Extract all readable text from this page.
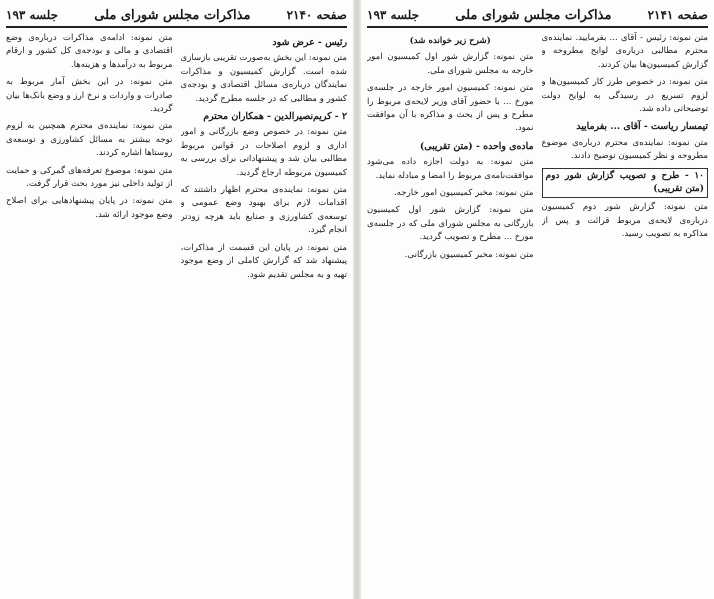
صفحه ۲۱۴۰
مذاکرات مجلس شورای ملی
جلسه ۱۹۳
رئیس - عرض شود

متن نمونه: این بخش به‌صورت تقریبی بازسازی شده است. گزارش کمیسیون و مذاکرات نمایندگان درباره‌ی مسائل اقتصادی و بودجه‌ی کشور و مطالبی که در جلسه مطرح گردید.

۲ - کریم‌نصیرالدین - همکاران محترم

متن نمونه: در خصوص وضع بازرگانی و امور اداری و لزوم اصلاحات در قوانین مربوط مطالبی بیان شد و پیشنهاداتی برای بررسی به کمیسیون مربوطه ارجاع گردید.

متن نمونه: نماینده‌ی محترم اظهار داشتند که اقدامات لازم برای بهبود وضع عمومی و توسعه‌ی کشاورزی و صنایع باید هرچه زودتر انجام گیرد.

متن نمونه: در پایان این قسمت از مذاکرات، پیشنهاد شد که گزارش کاملی از وضع موجود تهیه و به مجلس تقدیم شود.

متن نمونه: ادامه‌ی مذاکرات درباره‌ی وضع اقتصادی و مالی و بودجه‌ی کل کشور و ارقام مربوط به درآمدها و هزینه‌ها.

متن نمونه: در این بخش آمار مربوط به صادرات و واردات و نرخ ارز و وضع بانک‌ها بیان گردید.

متن نمونه: نماینده‌ی محترم همچنین به لزوم توجه بیشتر به مسائل کشاورزی و توسعه‌ی روستاها اشاره کردند.

متن نمونه: موضوع تعرفه‌های گمرکی و حمایت از تولید داخلی نیز مورد بحث قرار گرفت.

متن نمونه: در پایان پیشنهادهایی برای اصلاح وضع موجود ارائه شد.

صفحه ۲۱۴۱
مذاکرات مجلس شورای ملی
جلسه ۱۹۳

متن نمونه: رئیس - آقای ... بفرمایید. نماینده‌ی محترم مطالبی درباره‌ی لوایح مطروحه و گزارش کمیسیون‌ها بیان کردند.

متن نمونه: در خصوص طرز کار کمیسیون‌ها و لزوم تسریع در رسیدگی به لوایح دولت توضیحاتی داده شد.

تیمسار ریاست - آقای ... بفرمایید

متن نمونه: نماینده‌ی محترم درباره‌ی موضوع مطروحه و نظر کمیسیون توضیح دادند.

۱۰ - طرح و تصویب گزارش شور دوم (متن تقریبی)

متن نمونه: گزارش شور دوم کمیسیون درباره‌ی لایحه‌ی مربوط قرائت و پس از مذاکره به تصویب رسید.

(شرح زیر خوانده شد)

متن نمونه: گزارش شور اول کمیسیون امور خارجه به مجلس شورای ملی.

متن نمونه: کمیسیون امور خارجه در جلسه‌ی مورخ ... با حضور آقای وزیر لایحه‌ی مربوط را مطرح و پس از بحث و مذاکره با آن موافقت نمود.

ماده‌ی واحده - (متن تقریبی)

متن نمونه: به دولت اجازه داده می‌شود موافقت‌نامه‌ی مربوط را امضا و مبادله نماید.

متن نمونه: مخبر کمیسیون امور خارجه.

متن نمونه: گزارش شور اول کمیسیون بازرگانی به مجلس شورای ملی که در جلسه‌ی مورخ ... مطرح و تصویب گردید.

متن نمونه: مخبر کمیسیون بازرگانی.
